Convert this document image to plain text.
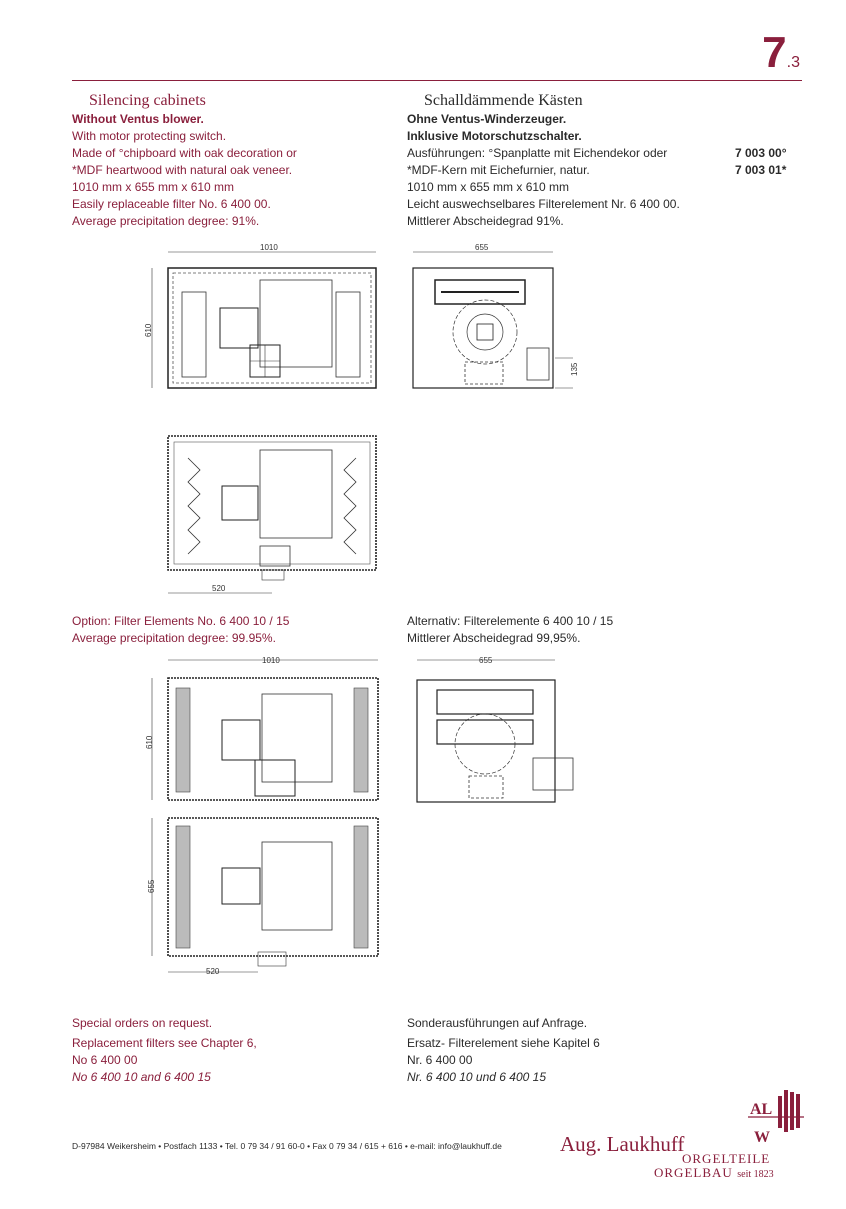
7.3
Silencing cabinets
Without Ventus blower.
With motor protecting switch.
Made of °chipboard with oak decoration or
*MDF heartwood with natural oak veneer.
1010 mm x 655 mm x 610 mm
Easily replaceable filter No. 6 400 00.
Average precipitation degree: 91%.
Schalldämmende Kästen
Ohne Ventus-Winderzeuger.
Inklusive Motorschutzschalter.
Ausführungen: °Spanplatte mit Eichendekor oder
*MDF-Kern mit Eichefurnier, natur.
1010 mm x 655 mm x 610 mm
Leicht auswechselbares Filterelement Nr. 6 400 00.
Mittlerer Abscheidegrad 91%.
7 003 00°
7 003 01*
1010
610
655
135
520
Option: Filter Elements No. 6 400 10 / 15
Average precipitation degree: 99.95%.
Alternativ: Filterelemente 6 400 10 / 15
Mittlerer Abscheidegrad 99,95%.
1010
610
655
655
520
Special orders on request.
Replacement filters see Chapter 6,
No 6 400 00
No 6 400 10 and 6 400 15
Sonderausführungen auf Anfrage.
Ersatz- Filterelement siehe Kapitel 6
Nr. 6 400 00
Nr. 6 400 10 und 6 400 15
D-97984 Weikersheim • Postfach 1133 • Tel. 0 79 34 / 91 60-0 • Fax 0 79 34 / 615 + 616 • e-mail: info@laukhuff.de
AL
W
Aug. Laukhuff
ORGELTEILE
ORGELBAU seit 1823
